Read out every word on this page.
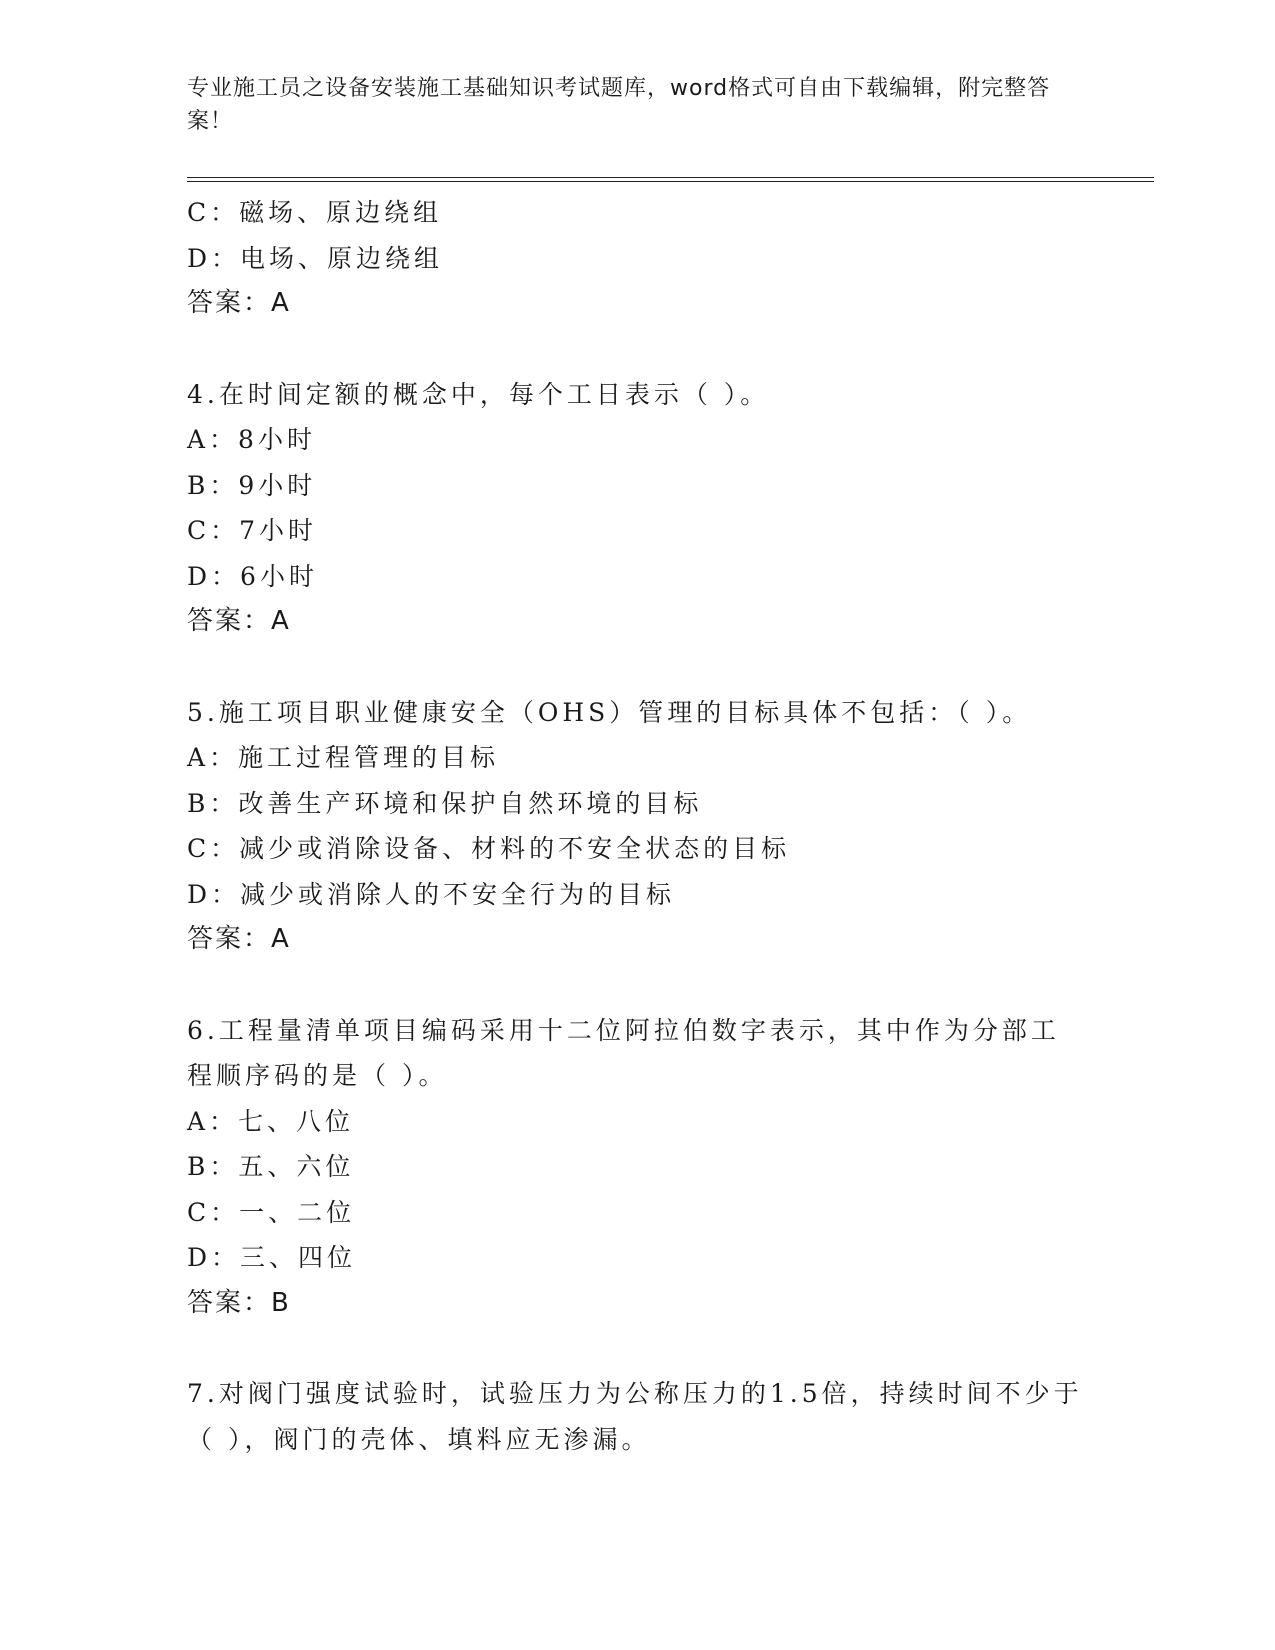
专业施工员之设备安装施工基础知识考试题库，word格式可自由下载编辑，附完整答案！
C：磁场、原边绕组
D：电场、原边绕组
答案：A
4.在时间定额的概念中，每个工日表示（ ）。
A：8小时
B：9小时
C：7小时
D：6小时
答案：A
5.施工项目职业健康安全（OHS）管理的目标具体不包括：（ ）。
A：施工过程管理的目标
B：改善生产环境和保护自然环境的目标
C：减少或消除设备、材料的不安全状态的目标
D：减少或消除人的不安全行为的目标
答案：A
6.工程量清单项目编码采用十二位阿拉伯数字表示，其中作为分部工程顺序码的是（ ）。
A：七、八位
B：五、六位
C：一、二位
D：三、四位
答案：B
7.对阀门强度试验时，试验压力为公称压力的1.5倍，持续时间不少于（ ），阀门的壳体、填料应无渗漏。
